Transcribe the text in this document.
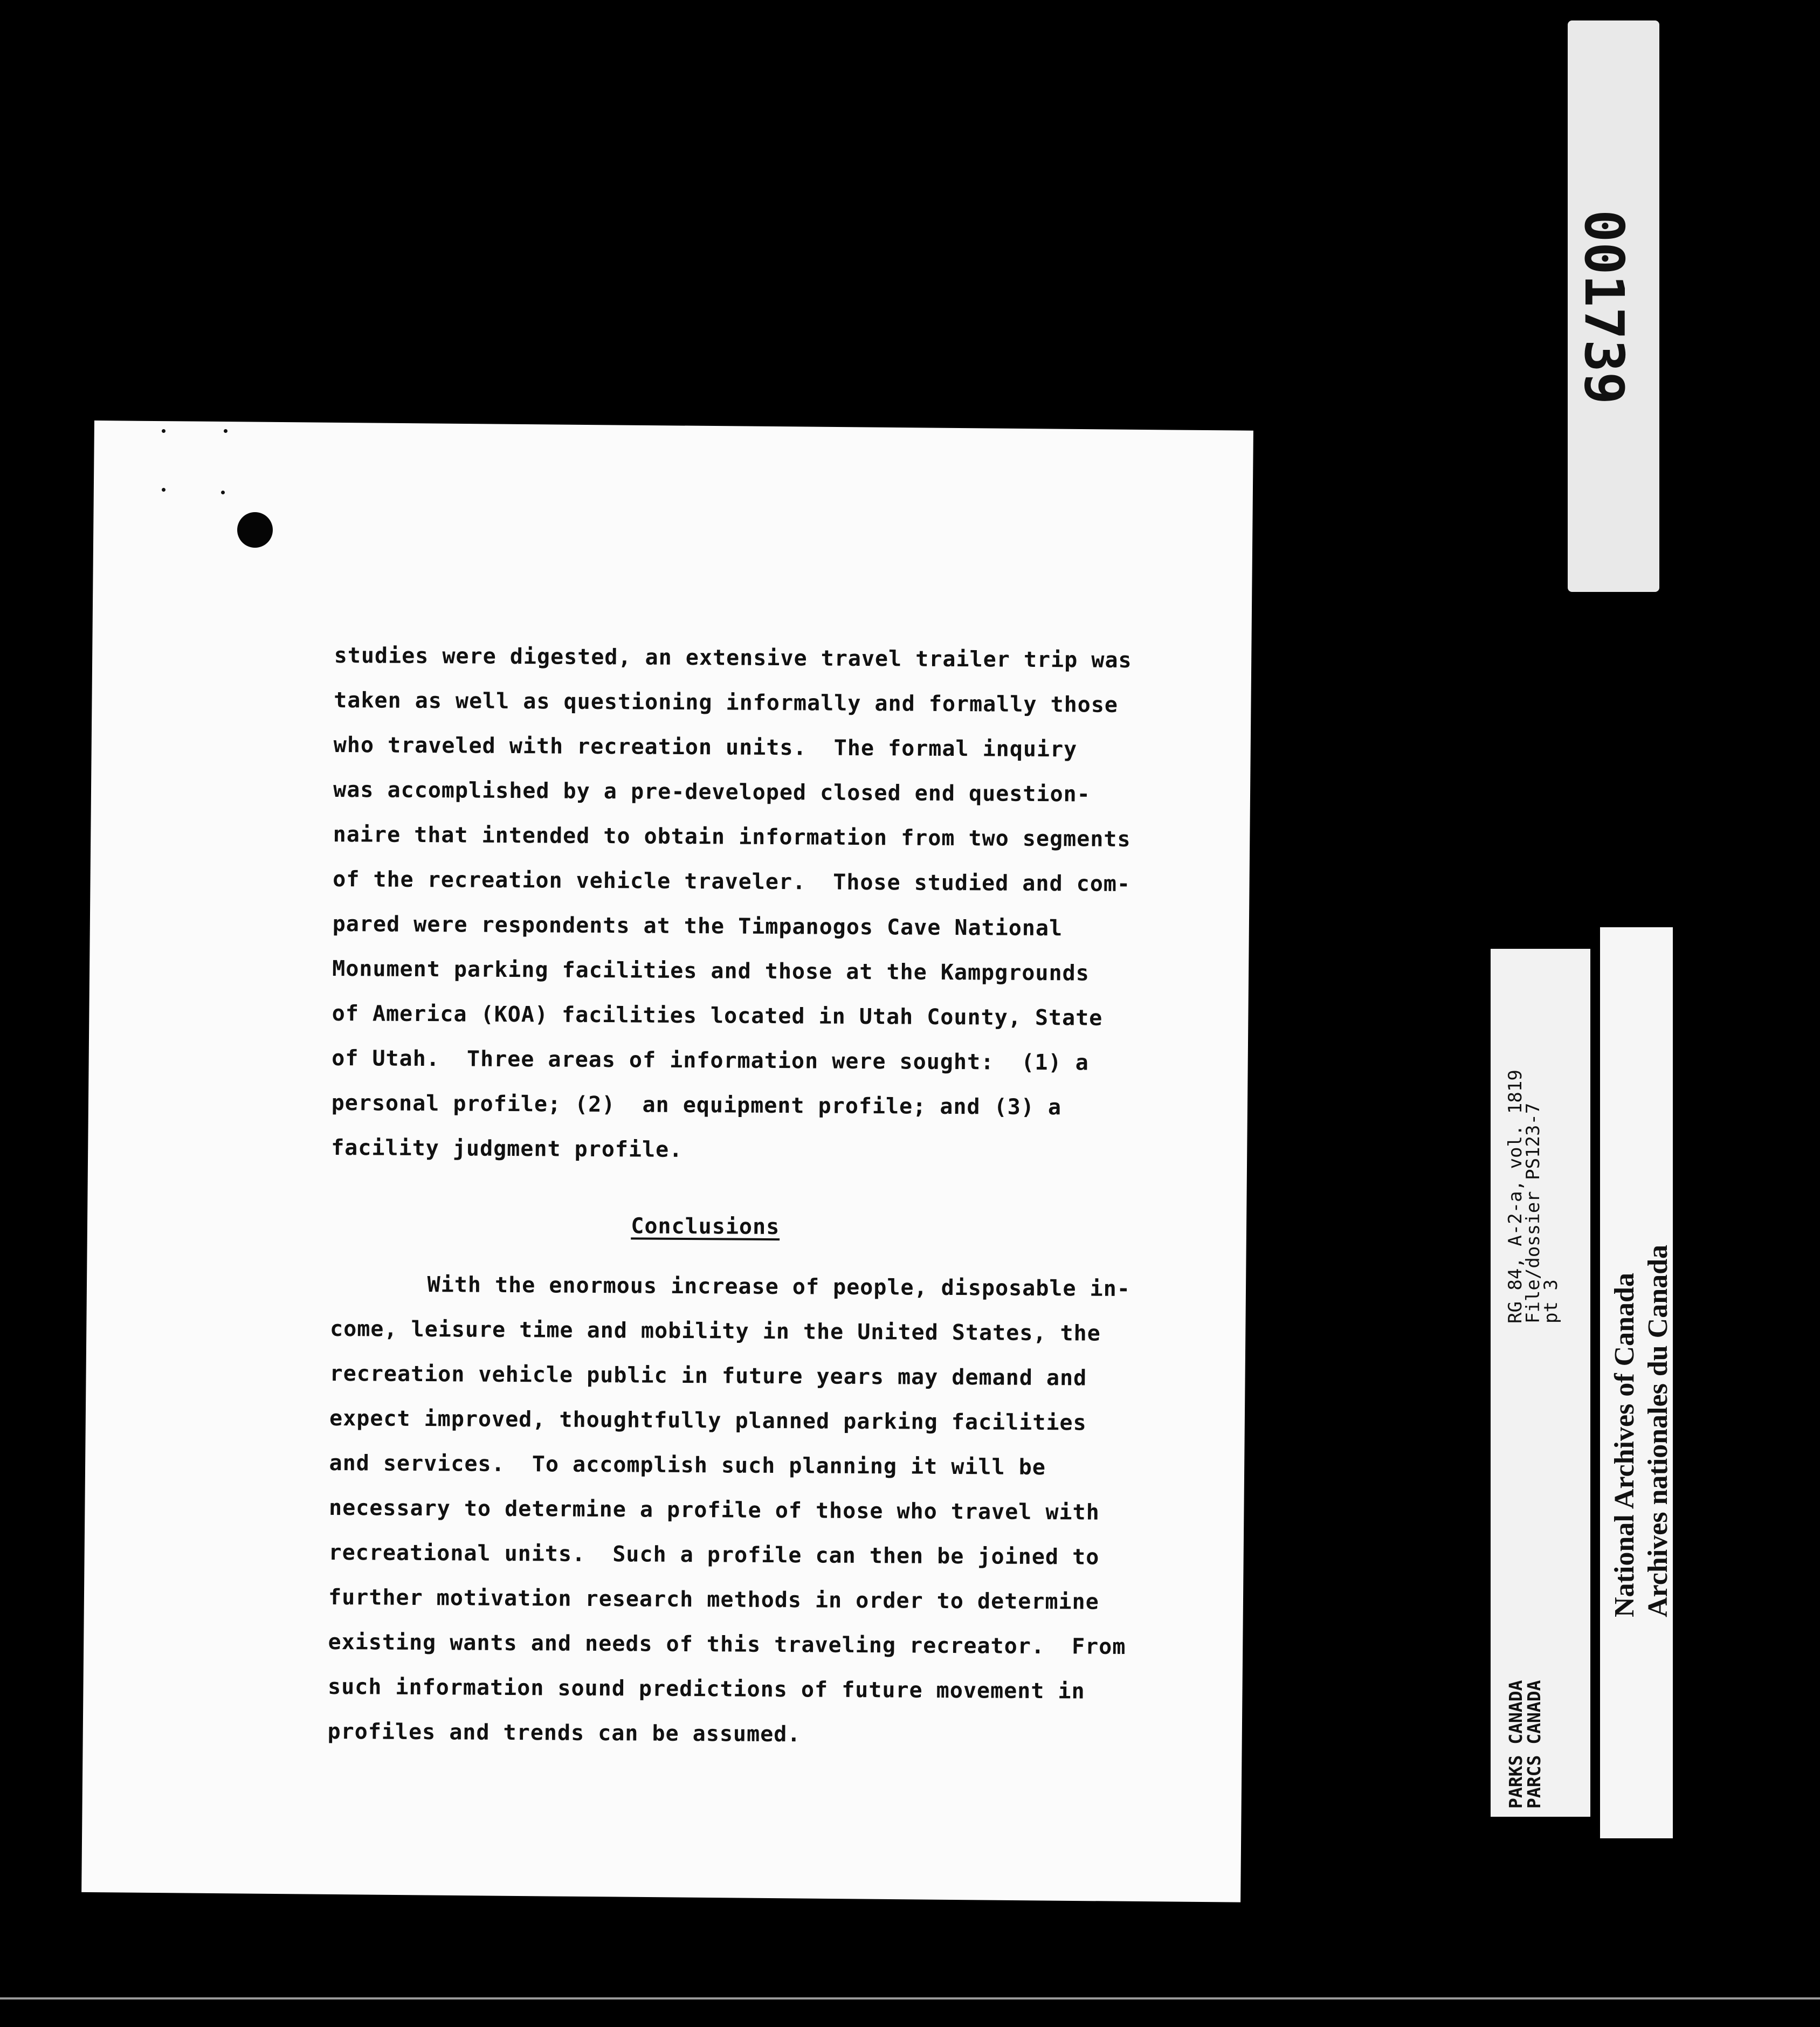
studies were digested, an extensive travel trailer trip was
taken as well as questioning informally and formally those
who traveled with recreation units.  The formal inquiry
was accomplished by a pre-developed closed end question-
naire that intended to obtain information from two segments
of the recreation vehicle traveler.  Those studied and com-
pared were respondents at the Timpanogos Cave National
Monument parking facilities and those at the Kampgrounds
of America (KOA) facilities located in Utah County, State
of Utah.  Three areas of information were sought:  (1) a
personal profile; (2)  an equipment profile; and (3) a
facility judgment profile.
Conclusions
With the enormous increase of people, disposable in-
come, leisure time and mobility in the United States, the
recreation vehicle public in future years may demand and
expect improved, thoughtfully planned parking facilities
and services.  To accomplish such planning it will be
necessary to determine a profile of those who travel with
recreational units.  Such a profile can then be joined to
further motivation research methods in order to determine
existing wants and needs of this traveling recreator.  From
such information sound predictions of future movement in
profiles and trends can be assumed.
001739
RG 84, A-2-a, vol. 1819
File/dossier PS123-7
pt 3
PARKS CANADA
PARCS CANADA
National Archives of Canada Archives nationales du Canada
